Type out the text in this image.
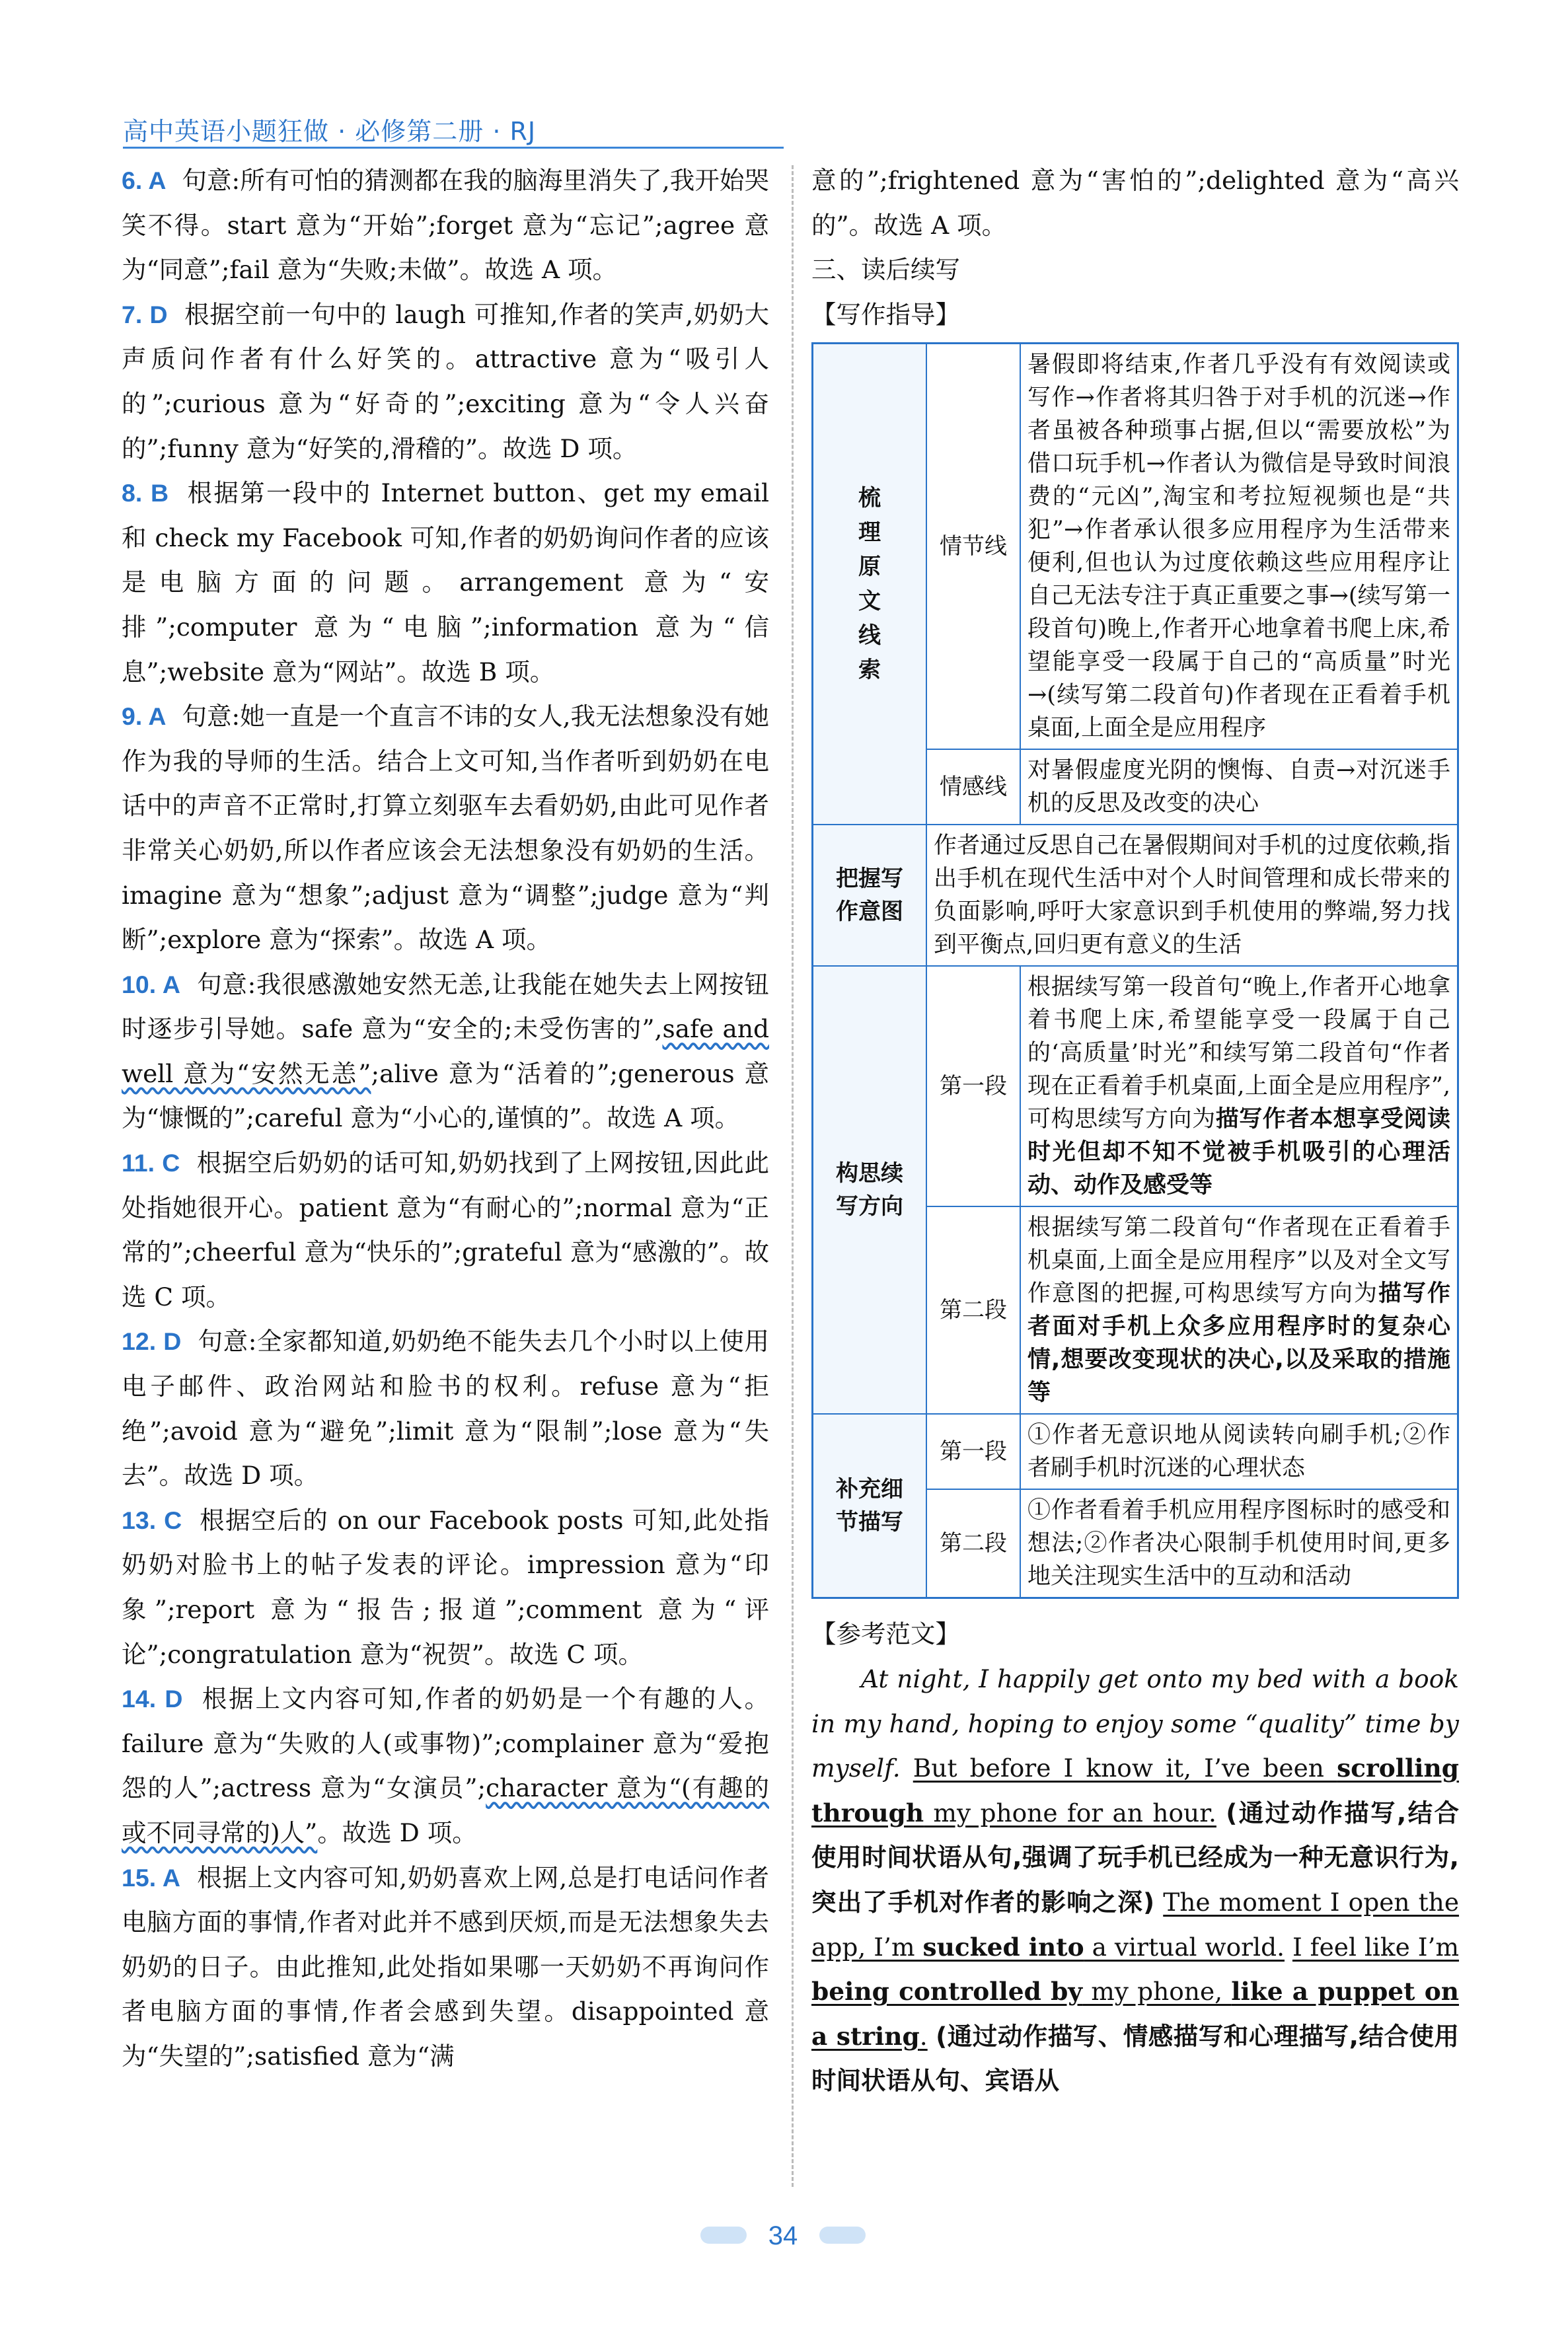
高中英语小题狂做 · 必修第二册 · RJ

6. A 句意:所有可怕的猜测都在我的脑海里消失了,我开始哭笑不得。start 意为“开始”;forget 意为“忘记”;agree 意为“同意”;fail 意为“失败;未做”。故选 A 项。

7. D 根据空前一句中的 laugh 可推知,作者的笑声,奶奶大声质问作者有什么好笑的。attractive 意为“吸引人的”;curious 意为“好奇的”;exciting 意为“令人兴奋的”;funny 意为“好笑的,滑稽的”。故选 D 项。

8. B 根据第一段中的 Internet button、get my email 和 check my Facebook 可知,作者的奶奶询问作者的应该是电脑方面的问题。arrangement 意为“安排”;computer 意为“电脑”;information 意为“信息”;website 意为“网站”。故选 B 项。

9. A 句意:她一直是一个直言不讳的女人,我无法想象没有她作为我的导师的生活。结合上文可知,当作者听到奶奶在电话中的声音不正常时,打算立刻驱车去看奶奶,由此可见作者非常关心奶奶,所以作者应该会无法想象没有奶奶的生活。imagine 意为“想象”;adjust 意为“调整”;judge 意为“判断”;explore 意为“探索”。故选 A 项。

10. A 句意:我很感激她安然无恙,让我能在她失去上网按钮时逐步引导她。safe 意为“安全的;未受伤害的”,safe and well 意为“安然无恙”;alive 意为“活着的”;generous 意为“慷慨的”;careful 意为“小心的,谨慎的”。故选 A 项。

11. C 根据空后奶奶的话可知,奶奶找到了上网按钮,因此此处指她很开心。patient 意为“有耐心的”;normal 意为“正常的”;cheerful 意为“快乐的”;grateful 意为“感激的”。故选 C 项。

12. D 句意:全家都知道,奶奶绝不能失去几个小时以上使用电子邮件、政治网站和脸书的权利。refuse 意为“拒绝”;avoid 意为“避免”;limit 意为“限制”;lose 意为“失去”。故选 D 项。

13. C 根据空后的 on our Facebook posts 可知,此处指奶奶对脸书上的帖子发表的评论。impression 意为“印象”;report 意为“报告;报道”;comment 意为“评论”;congratulation 意为“祝贺”。故选 C 项。

14. D 根据上文内容可知,作者的奶奶是一个有趣的人。failure 意为“失败的人(或事物)”;complainer 意为“爱抱怨的人”;actress 意为“女演员”;character 意为“(有趣的或不同寻常的)人”。故选 D 项。

15. A 根据上文内容可知,奶奶喜欢上网,总是打电话问作者电脑方面的事情,作者对此并不感到厌烦,而是无法想象失去奶奶的日子。由此推知,此处指如果哪一天奶奶不再询问作者电脑方面的事情,作者会感到失望。disappointed 意为“失望的”;satisfied 意为“满

意的”;frightened 意为“害怕的”;delighted 意为“高兴的”。故选 A 项。

三、读后续写

【写作指导】

梳理原文线索	情节线	暑假即将结束,作者几乎没有有效阅读或写作→作者将其归咎于对手机的沉迷→作者虽被各种琐事占据,但以“需要放松”为借口玩手机→作者认为微信是导致时间浪费的“元凶”,淘宝和考拉短视频也是“共犯”→作者承认很多应用程序为生活带来便利,但也认为过度依赖这些应用程序让自己无法专注于真正重要之事→(续写第一段首句)晚上,作者开心地拿着书爬上床,希望能享受一段属于自己的“高质量”时光→(续写第二段首句)作者现在正看着手机桌面,上面全是应用程序
	情感线	对暑假虚度光阴的懊悔、自责→对沉迷手机的反思及改变的决心
把握写作意图	作者通过反思自己在暑假期间对手机的过度依赖,指出手机在现代生活中对个人时间管理和成长带来的负面影响,呼吁大家意识到手机使用的弊端,努力找到平衡点,回归更有意义的生活	
构思续写方向	第一段	根据续写第一段首句“晚上,作者开心地拿着书爬上床,希望能享受一段属于自己的‘高质量’时光”和续写第二段首句“作者现在正看着手机桌面,上面全是应用程序”,可构思续写方向为描写作者本想享受阅读时光但却不知不觉被手机吸引的心理活动、动作及感受等
	第二段	根据续写第二段首句“作者现在正看着手机桌面,上面全是应用程序”以及对全文写作意图的把握,可构思续写方向为描写作者面对手机上众多应用程序时的复杂心情,想要改变现状的决心,以及采取的措施等
补充细节描写	第一段	①作者无意识地从阅读转向刷手机;②作者刷手机时沉迷的心理状态
	第二段	①作者看着手机应用程序图标时的感受和想法;②作者决心限制手机使用时间,更多地关注现实生活中的互动和活动

【参考范文】

At night, I happily get onto my bed with a book in my hand, hoping to enjoy some “quality” time by myself. But before I know it, I’ve been scrolling through my phone for an hour. (通过动作描写,结合使用时间状语从句,强调了玩手机已经成为一种无意识行为,突出了手机对作者的影响之深) The moment I open the app, I’m sucked into a virtual world. I feel like I’m being controlled by my phone, like a puppet on a string. (通过动作描写、情感描写和心理描写,结合使用时间状语从句、宾语从

34
